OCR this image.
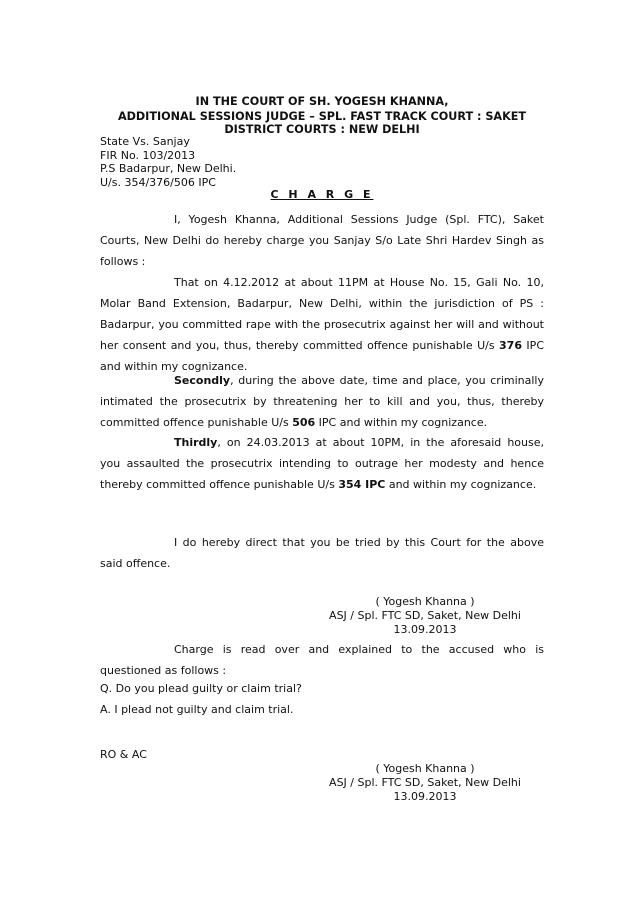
IN THE COURT OF SH. YOGESH KHANNA,
ADDITIONAL SESSIONS JUDGE – SPL. FAST TRACK COURT : SAKET
DISTRICT COURTS : NEW DELHI
State Vs. Sanjay
FIR No. 103/2013
P.S Badarpur, New Delhi.
U/s. 354/376/506 IPC
C H A R G E

I, Yogesh Khanna, Additional Sessions Judge (Spl. FTC), Saket Courts, New Delhi do hereby charge you Sanjay S/o Late Shri Hardev Singh as follows :

That on 4.12.2012 at about 11PM at House No. 15, Gali No. 10, Molar Band Extension, Badarpur, New Delhi, within the jurisdiction of PS : Badarpur, you committed rape with the prosecutrix against her will and without her consent and you, thus, thereby committed offence punishable U/s 376 IPC and within my cognizance.

Secondly, during the above date, time and place, you criminally intimated the prosecutrix by threatening her to kill and you, thus, thereby committed offence punishable U/s 506 IPC and within my cognizance.

Thirdly, on 24.03.2013 at about 10PM, in the aforesaid house, you assaulted the prosecutrix intending to outrage her modesty and hence thereby committed offence punishable U/s 354 IPC and within my cognizance.

I do hereby direct that you be tried by this Court for the above said offence.

( Yogesh Khanna )
ASJ / Spl. FTC SD, Saket, New Delhi
13.09.2013

Charge is read over and explained to the accused who is questioned as follows :

Q. Do you plead guilty or claim trial?
A. I plead not guilty and claim trial.
RO & AC
( Yogesh Khanna )
ASJ / Spl. FTC SD, Saket, New Delhi
13.09.2013
